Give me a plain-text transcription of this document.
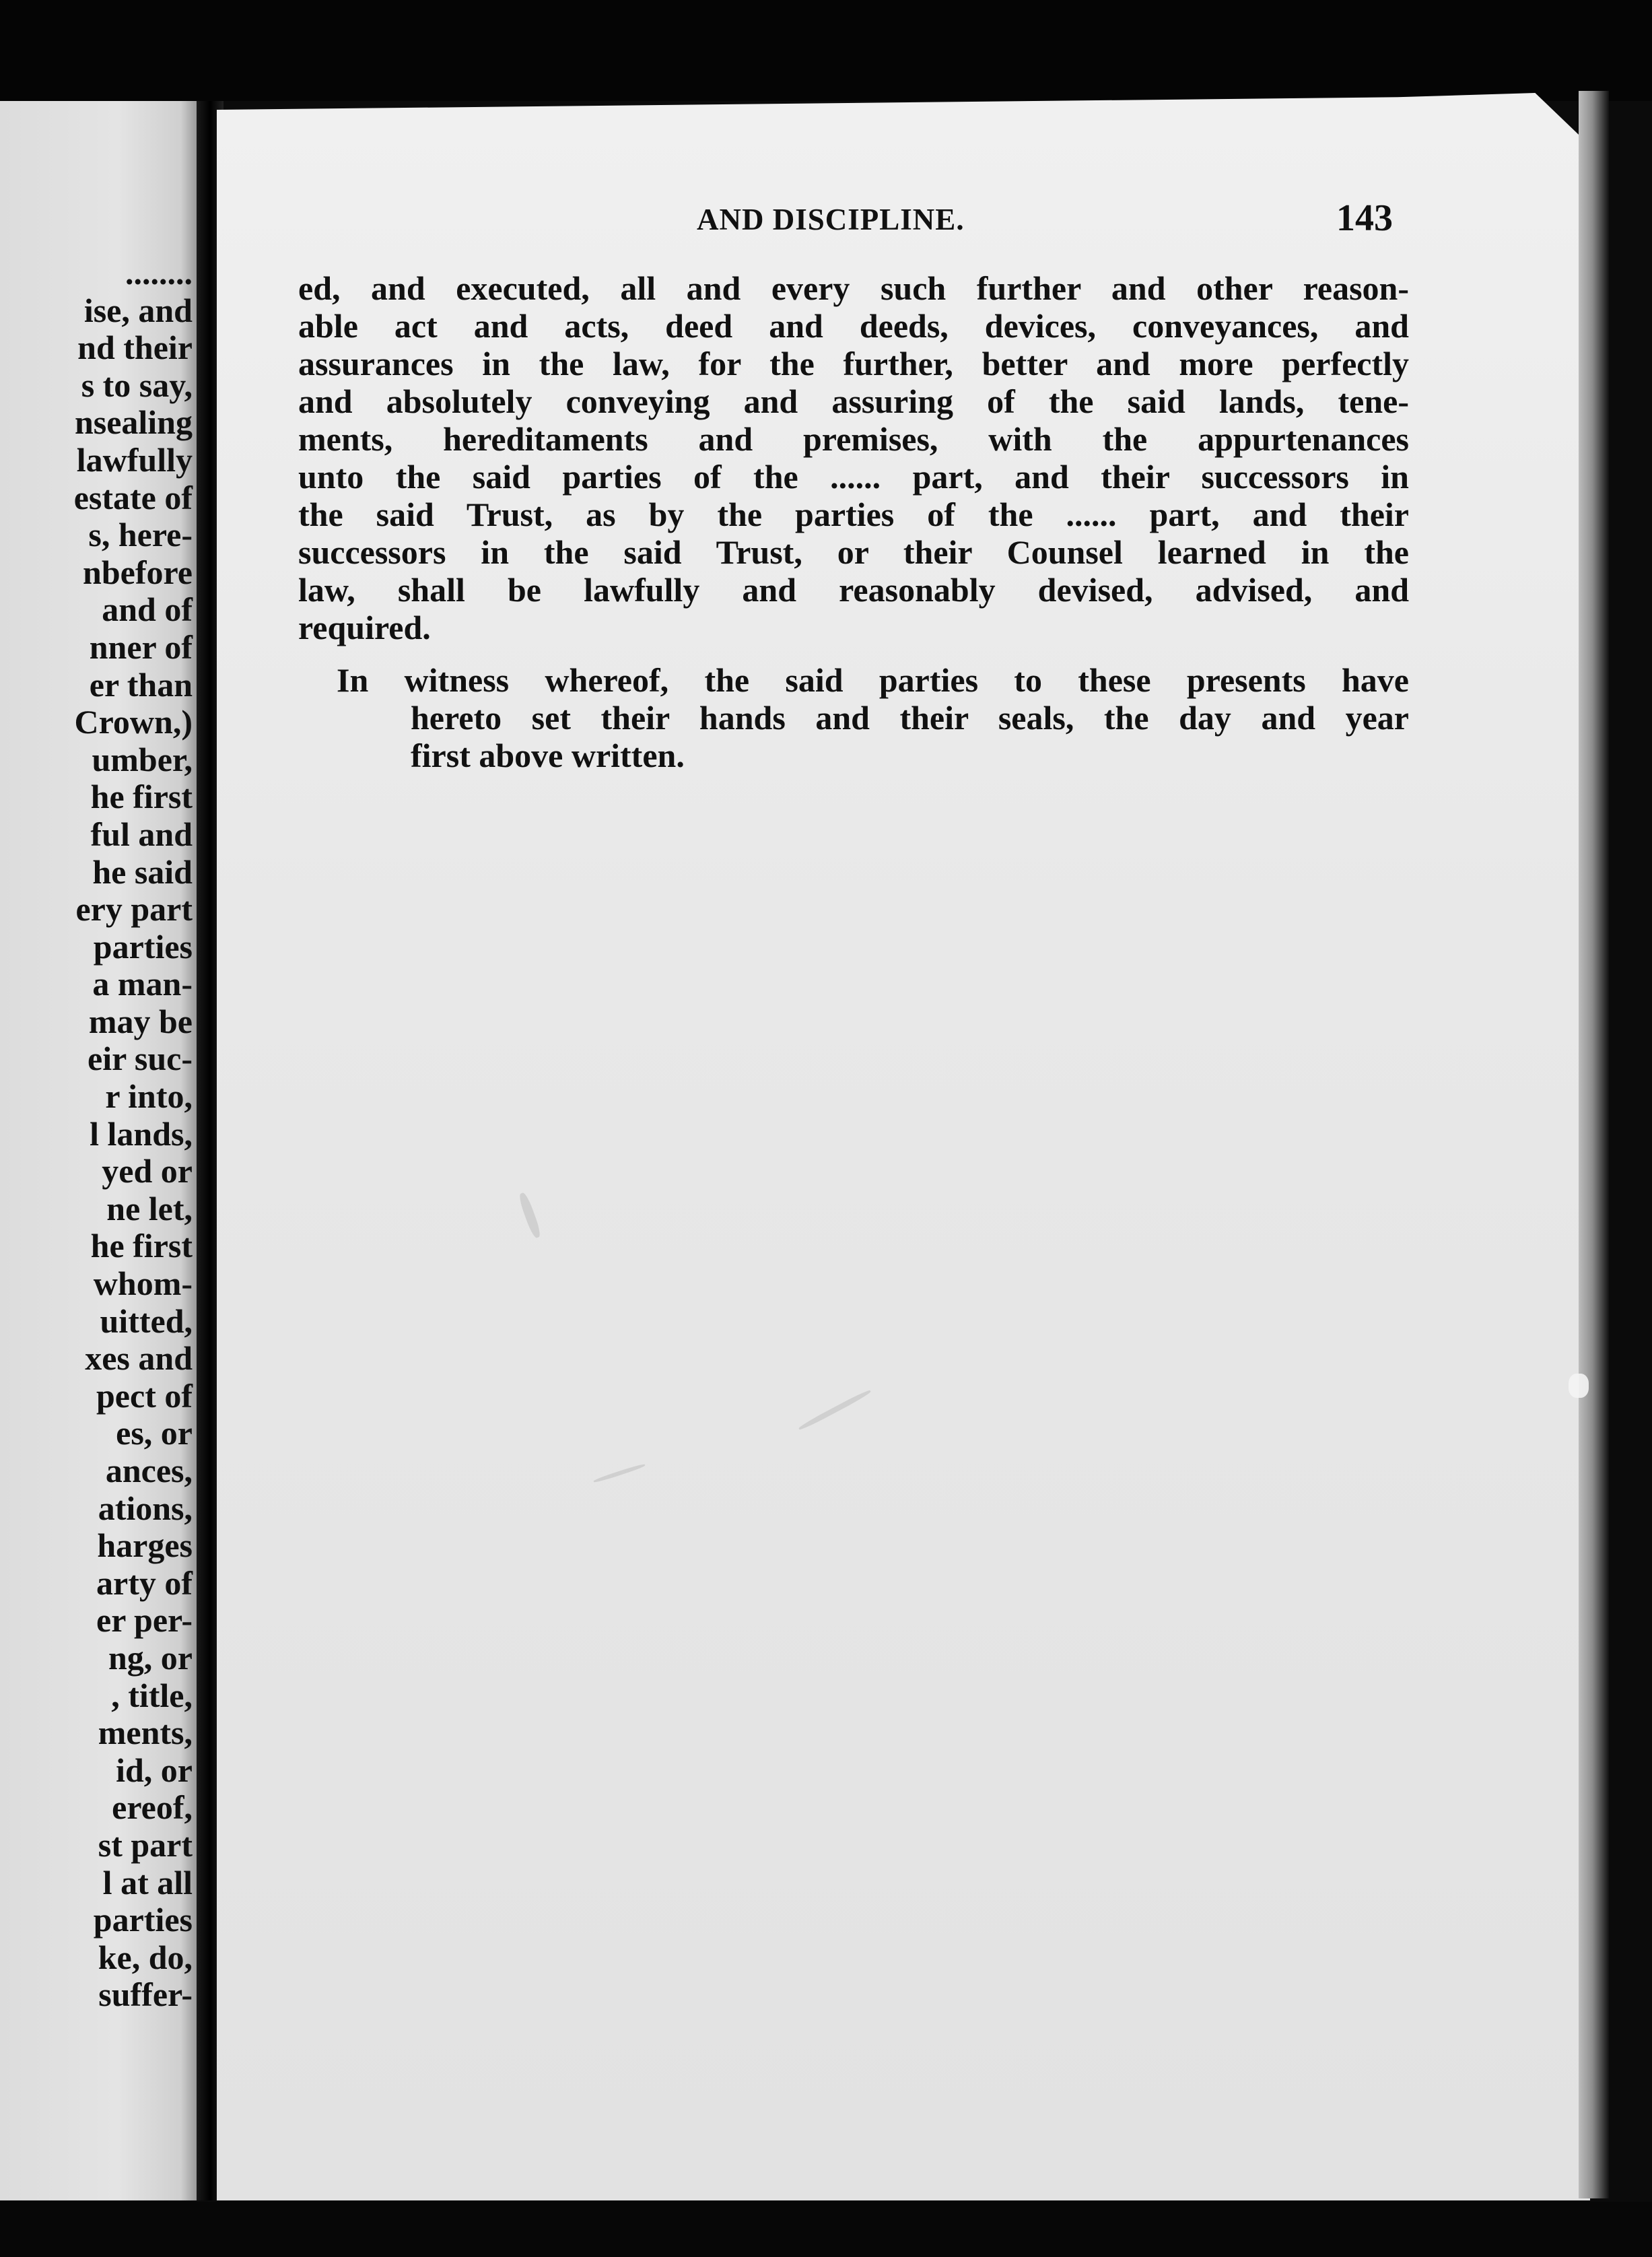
........
ise, and
nd their
s to say,
nsealing
lawfully
estate of
s, here-
nbefore
and of
nner of
er than
Crown,)
umber,
he first
ful and
he said
ery part
parties
a man-
may be
eir suc-
r into,
l lands,
yed or
ne let,
he first
whom-
uitted,
xes and
pect of
es, or
ances,
ations,
harges
arty of
er per-
ng, or
, title,
ments,
id, or
ereof,
st part
l at all
parties
ke, do,
suffer-
AND DISCIPLINE.	143
ed, and executed, all and every such further and other reason-
able act and acts, deed and deeds, devices, conveyances, and
assurances in the law, for the further, better and more perfectly
and absolutely conveying and assuring of the said lands, tene-
ments, hereditaments and premises, with the appurtenances
unto the said parties of the ...... part, and their successors in
the said Trust, as by the parties of the ...... part, and their
successors in the said Trust, or their Counsel learned in the
law, shall be lawfully and reasonably devised, advised, and
required.
In witness whereof, the said parties to these presents have
hereto set their hands and their seals, the day and year
first above written.
